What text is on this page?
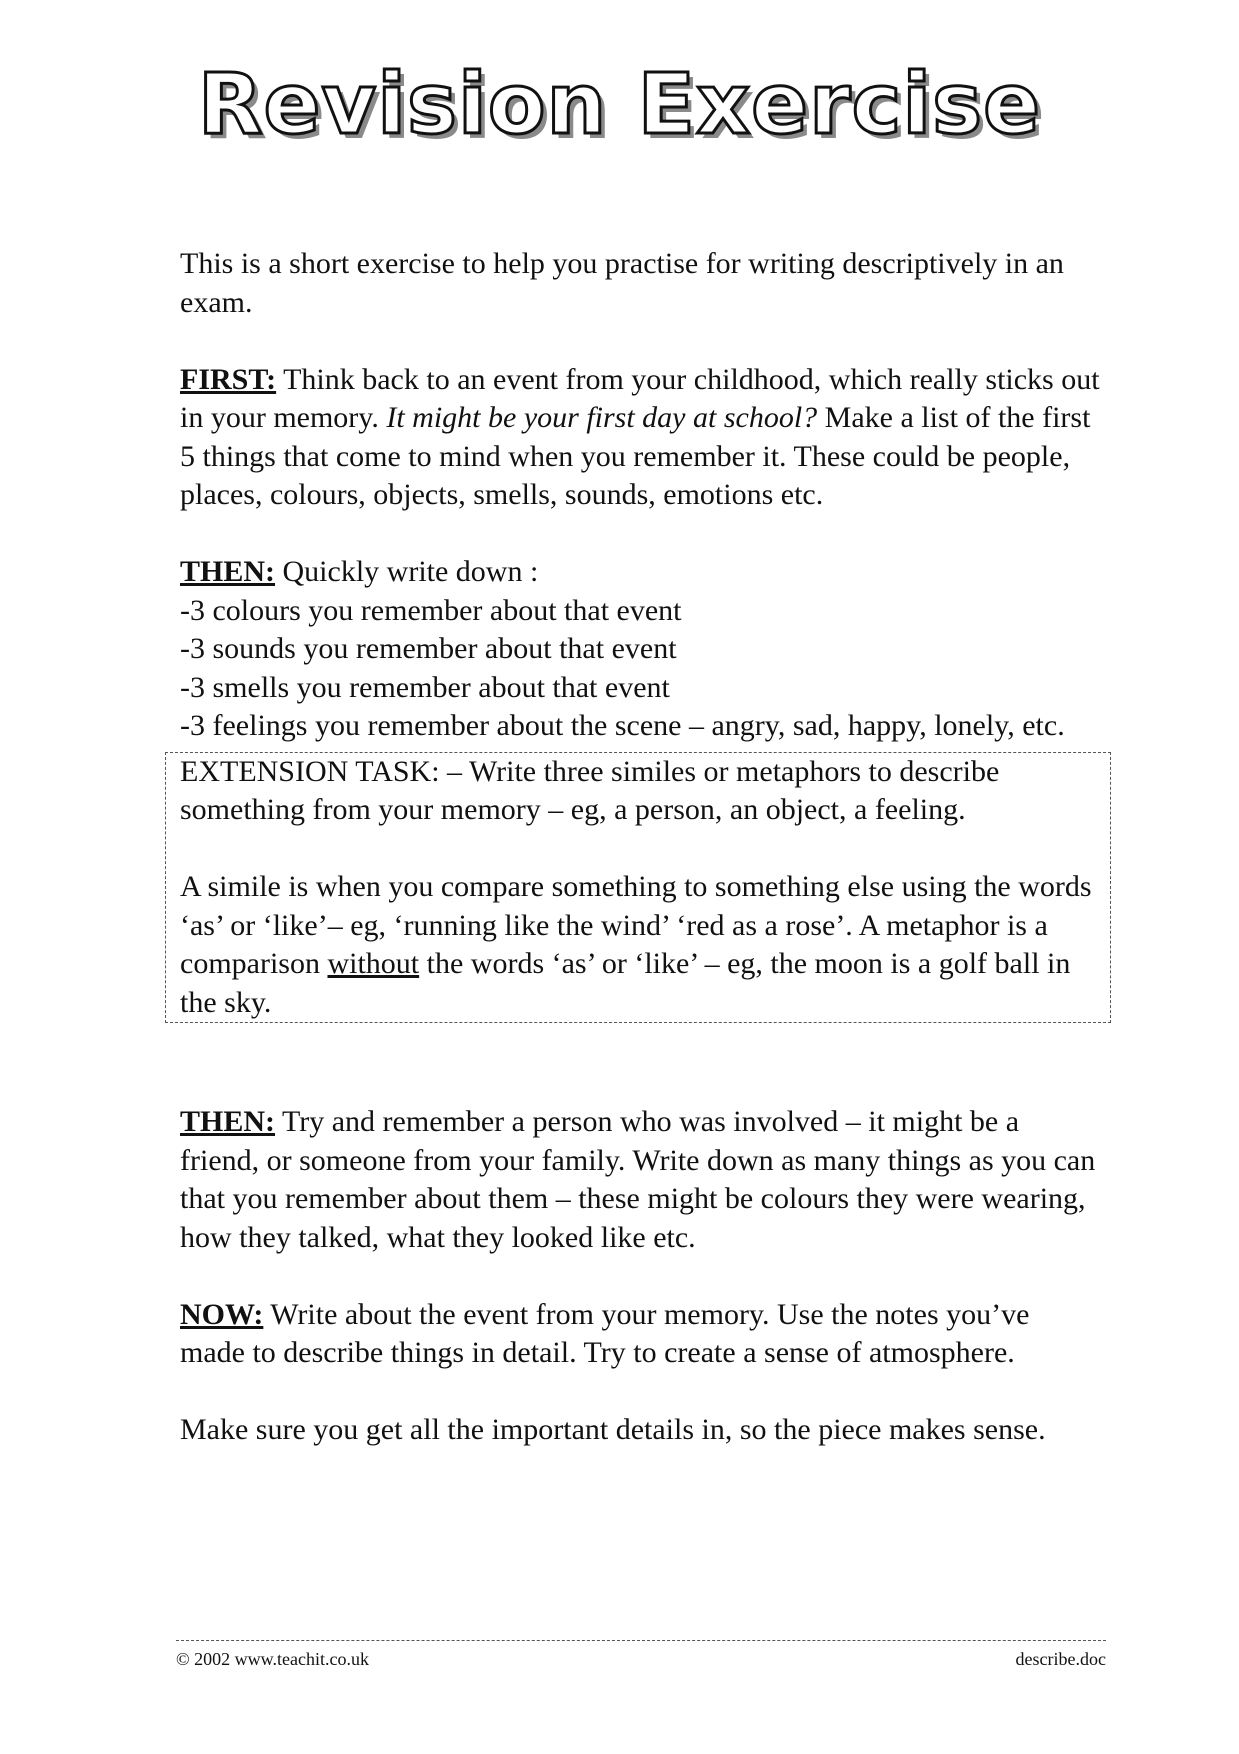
Revision Exercise

This is a short exercise to help you practise for writing descriptively in an exam.

FIRST: Think back to an event from your childhood, which really sticks out in your memory. It might be your first day at school? Make a list of the first 5 things that come to mind when you remember it. These could be people, places, colours, objects, smells, sounds, emotions etc.

THEN: Quickly write down :
-3 colours you remember about that event
-3 sounds you remember about that event
-3 smells you remember about that event
-3 feelings you remember about the scene – angry, sad, happy, lonely, etc.

EXTENSION TASK: – Write three similes or metaphors to describe something from your memory – eg, a person, an object, a feeling.

A simile is when you compare something to something else using the words ‘as’ or ‘like’– eg, ‘running like the wind’ ‘red as a rose’. A metaphor is a comparison without the words ‘as’ or ‘like’ – eg, the moon is a golf ball in the sky.

THEN: Try and remember a person who was involved – it might be a friend, or someone from your family. Write down as many things as you can that you remember about them – these might be colours they were wearing, how they talked, what they looked like etc.

NOW: Write about the event from your memory. Use the notes you’ve made to describe things in detail. Try to create a sense of atmosphere.

Make sure you get all the important details in, so the piece makes sense.

© 2002 www.teachit.co.uk	describe.doc
